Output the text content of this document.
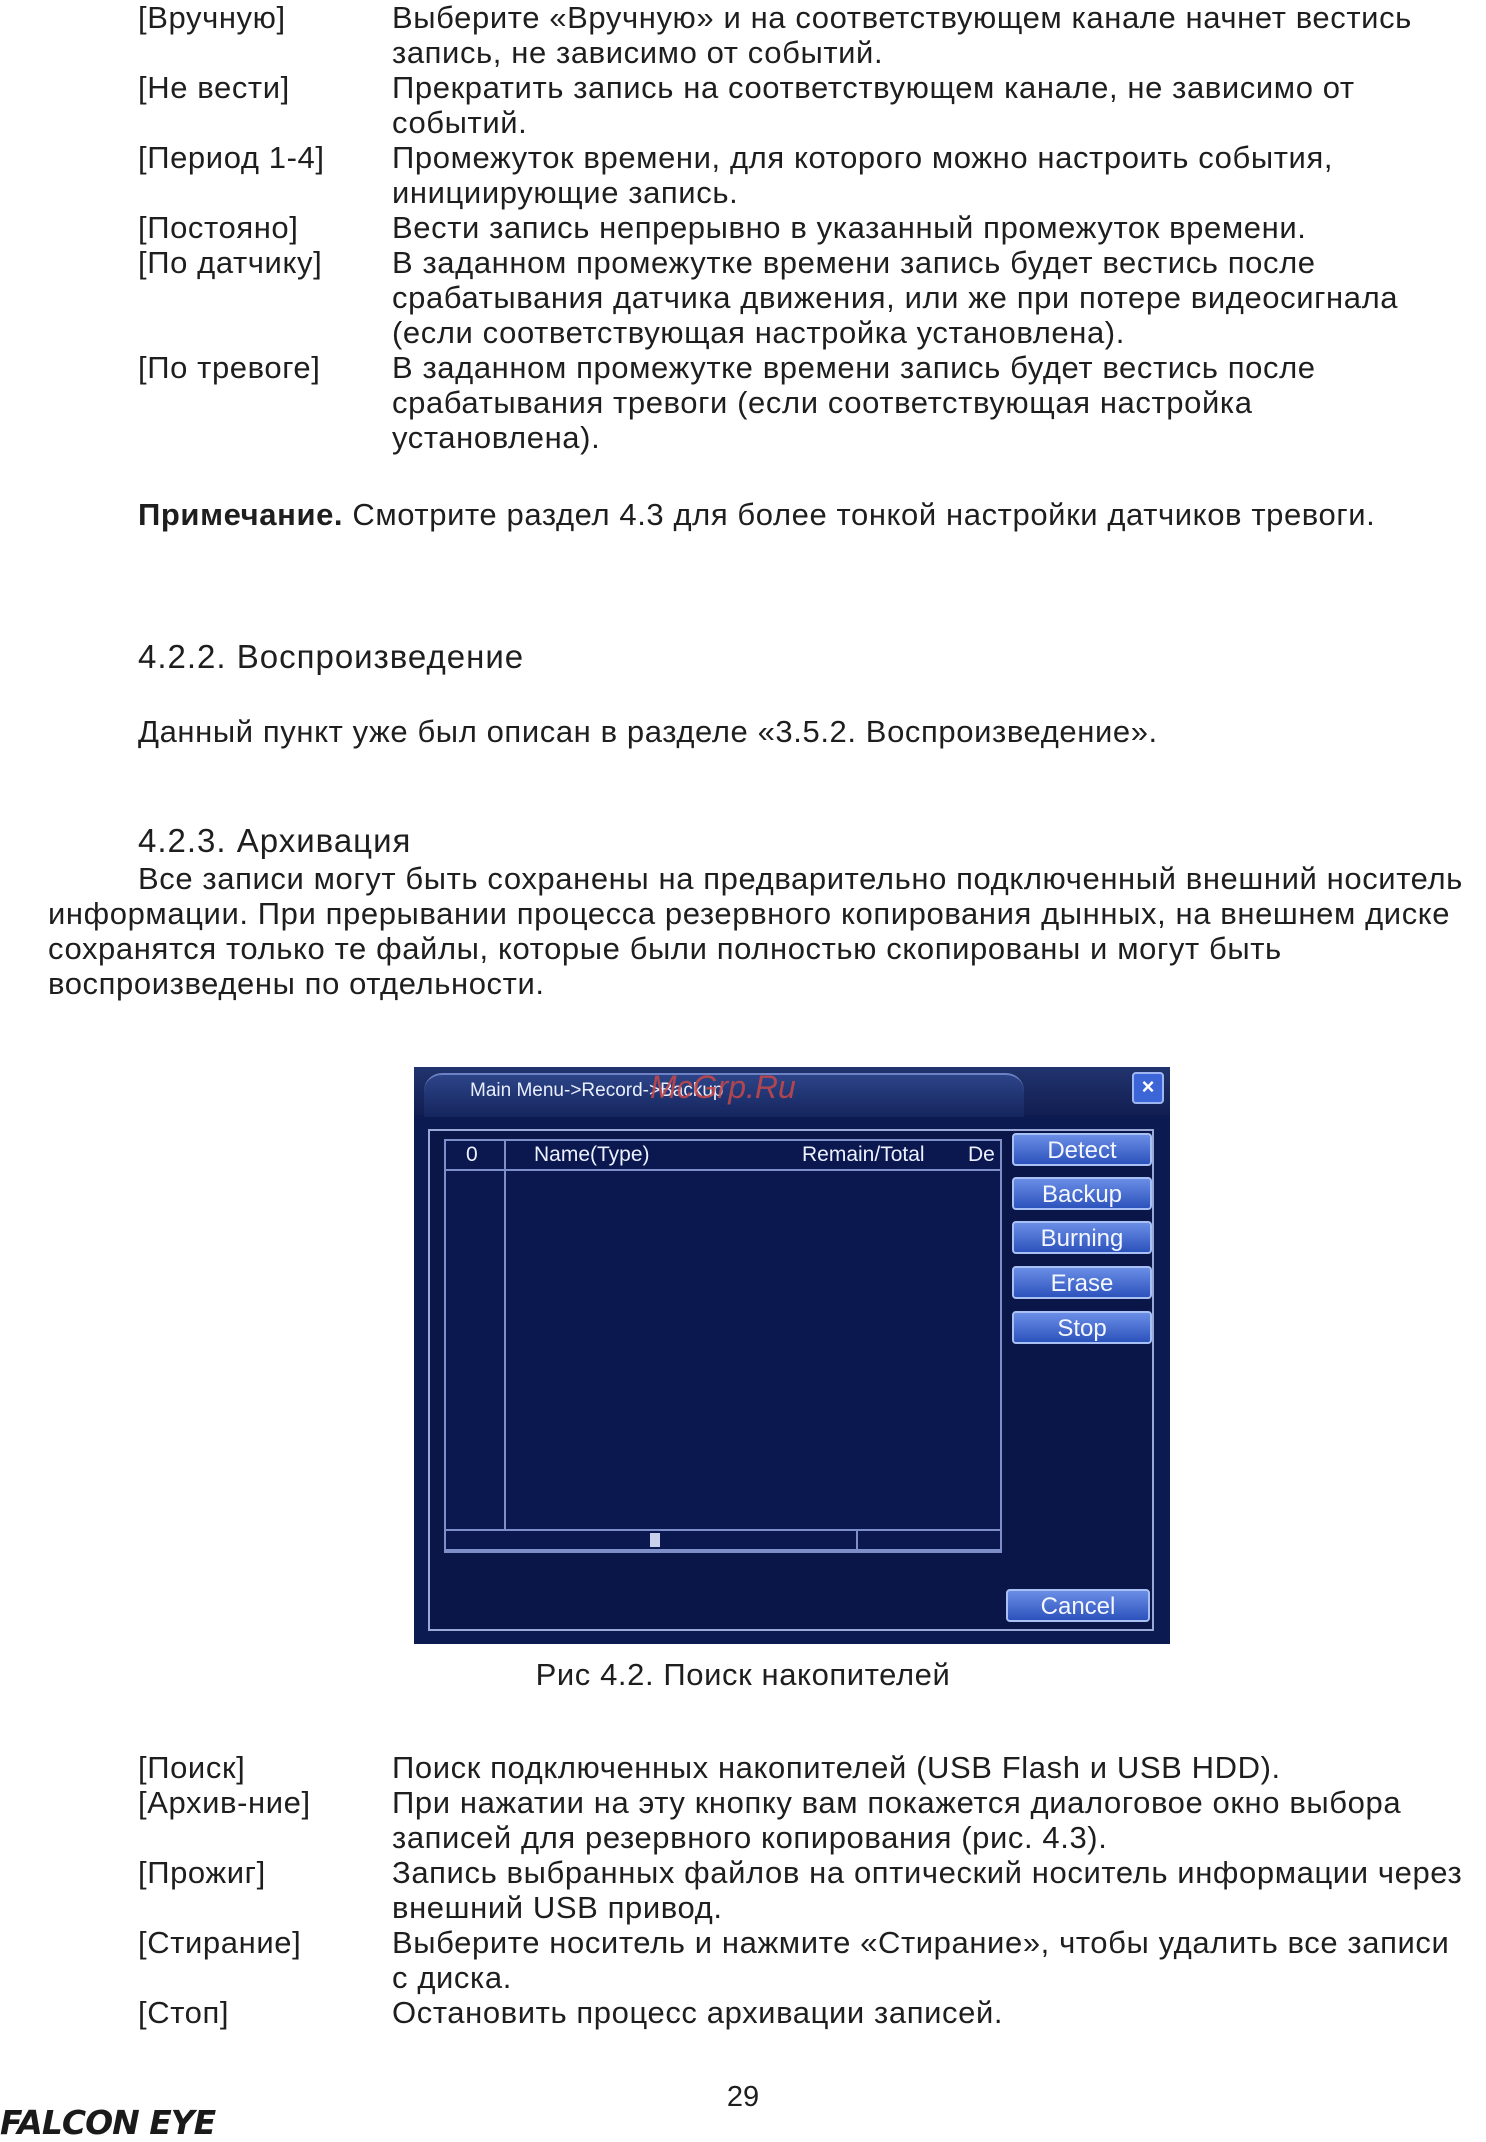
[Вручную]	Выберите «Вручную» и на соответствующем канале начнет вестись запись, не зависимо от событий.
[Не вести]	Прекратить запись на соответствующем канале, не зависимо от событий.
[Период 1-4]	Промежуток времени, для которого можно настроить события, инициирующие запись.
[Постояно]	Вести запись непрерывно в указанный промежуток времени.
[По датчику]	В заданном промежутке времени запись будет вестись после срабатывания датчика движения, или же при потере видеосигнала (если соответствующая настройка установлена).
[По тревоге]	В заданном промежутке времени запись будет вестись после срабатывания тревоги (если соответствующая настройка установлена).
Примечание. Смотрите раздел 4.3 для более тонкой настройки датчиков тревоги.
4.2.2. Воспроизведение
Данный пункт уже был описан в разделе «3.5.2. Воспроизведение».
4.2.3. Архивация
Все записи могут быть сохранены на предварительно подключенный внешний носитель информации. При прерывании процесса резервного копирования дынных, на внешнем диске сохранятся только те файлы, которые были полностью скопированы и могут быть воспроизведены по отдельности.
Main Menu->Record->Backup
McGrp.Ru	×
0	Name(Type)	Remain/Total De	Detect
Backup
Burning
Erase
Stop
Cancel
Рис 4.2. Поиск накопителей
[Поиск]	Поиск подключенных накопителей (USB Flash и USB HDD).
[Архив-ние]	При нажатии на эту кнопку вам покажется диалоговое окно выбора записей для резервного копирования (рис. 4.3).
[Прожиг]	Запись выбранных файлов на оптический носитель информации через внешний USB привод.
[Стирание]	Выберите носитель и нажмите «Стирание», чтобы удалить все записи с диска.
[Стоп]	Остановить процесс архивации записей.
29
FALCON EYE
